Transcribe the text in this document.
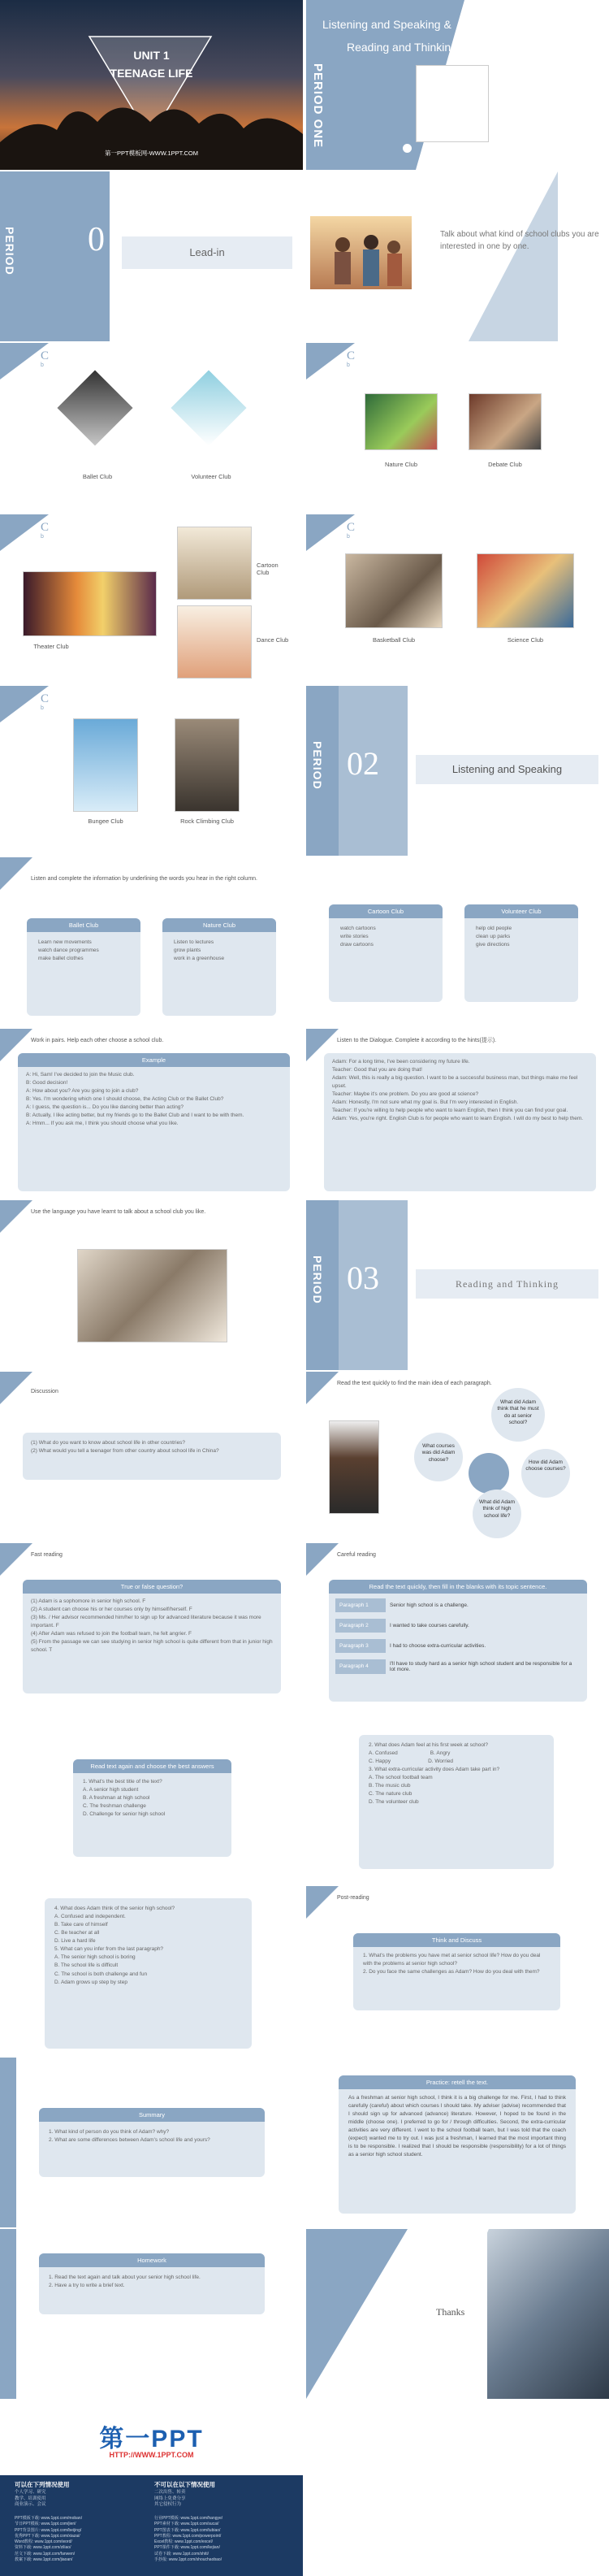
UNIT 1
TEENAGE LIFE
第一PPT模板网-WWW.1PPT.COM
PERIOD ONE
Listening and Speaking &
Reading and Thinking—Reading
PERIOD 0	Lead-in
Talk about what kind of school clubs you are interested in one by one.
C
b
Ballet Club	Volunteer Club
C
b
Nature Club	Debate Club
C
b
Theater Club
Cartoon Club
Dance Club
C
b
Basketball Club	Science Club
C
b
Bungee Club	Rock Climbing Club
PERIOD 02	Listening and Speaking
Listen and complete the information by underlining the words you hear in the right column.
Ballet Club
Learn new movements
watch dance programmes
make ballet clothes
Nature Club
Listen to lectures
grow plants
work in a greenhouse
Cartoon Club
watch cartoons
write stories
draw cartoons
Volunteer Club
help old people
clean up parks
give directions
Work in pairs. Help each other choose a school club.
Example
A: Hi, Sam! I've decided to join the Music club.
B: Good decision!
A: How about you? Are you going to join a club?
B: Yes. I'm wondering which one I should choose, the Acting Club or the Ballet Club?
A: I guess, the question is... Do you like dancing better than acting?
B: Actually, I like acting better, but my friends go to the Ballet Club and I want to be with them.
A: Hmm... If you ask me, I think you should choose what you like.
Listen to the Dialogue. Complete it according to the hints(提示).
Adam: For a long time, I've been considering my future life.
Teacher: Good that you are doing that!
Adam: Well, this is really a big question. I want to be a successful business man, but things make me feel upset.
Teacher: Maybe it's one problem. Do you are good at science?
Adam: Honestly, I'm not sure what my goal is. But I'm very interested in English.
Teacher: If you're willing to help people who want to learn English, then I think you can find your goal.
Adam: Yes, you're right. English Club is for people who want to learn English. I will do my best to help them.
Use the language you have learnt to talk about a school club you like.
PERIOD 03	Reading and Thinking
Discussion
(1) What do you want to know about school life in other countries?
(2) What would you tell a teenager from other country about school life in China?
Read the text quickly to find the main idea of each paragraph.
What did Adam think that he must do at senior school?
What courses was did Adam choose?	How did Adam choose courses?
What did Adam think of high school life?
Fast reading
True or false question?
(1) Adam is a sophomore in senior high school. F
(2) A student can choose his or her courses only by himself/herself. F
(3) Ms. / Her advisor recommended him/her to sign up for advanced literature because it was more important. F
(4) After Adam was refused to join the football team, he felt angrier. F
(5) From the passage we can see studying in senior high school is quite different from that in junior high school. T
Careful reading
Read the text quickly, then fill in the blanks with its topic sentence.
Paragraph 1	Senior high school is a challenge.
Paragraph 2	I wanted to take courses carefully.
Paragraph 3	I had to choose extra-curricular activities.
Paragraph 4	I'll have to study hard as a senior high school student and be responsible for a lot more.
Read text again and choose the best answers
1. What's the best title of the text?
A. A senior high student
B. A freshman at high school
C. The freshman challenge
D. Challenge for senior high school
2. What does Adam feel at his first week at school?
A. Confused	B. Angry
C. Happy	D. Worried
3. What extra-curricular activity does Adam take part in?
A. The school football team
B. The music club
C. The nature club
D. The volunteer club
4. What does Adam think of the senior high school?
A. Confused and independent.
B. Take care of himself
C. Be teacher at all
D. Live a hard life
5. What can you infer from the last paragraph?
A. The senior high school is boring
B. The school life is difficult
C. The school is both challenge and fun
D. Adam grows up step by step
Post-reading
Think and Discuss
1. What's the problems you have met at senior school life? How do you deal with the problems at senior high school?
2. Do you face the same challenges as Adam? How do you deal with them?
Summary
1. What kind of person do you think of Adam? why?
2. What are some differences between Adam's school life and yours?
Practice: retell the text.
As a freshman at senior high school, I think it is a big challenge for me. First, I had to think carefully (careful) about which courses I should take. My adviser (advise) recommended that I should sign up for advanced (advance) literature. However, I hoped to be found in the middle (choose one). I preferred to go for / through difficulties. Second, the extra-curricular activities are very different. I went to the school football team, but I was told that the coach (expect) wanted me to try out. I was just a freshman, I learned that the most important thing is to be responsible. I realized that I should be responsible (responsibility) for a lot of things as a senior high school student.
Homework
1. Read the text again and talk about your senior high school life.
2. Have a try to write a brief text.
Thanks
第一PPT
HTTP://WWW.1PPT.COM
可以在下列情况使用
个人学习、研究
教学、培训使用
商业演示、会议
不可以在以下情况使用
二次出售、转卖
网络上免费分享
其它侵权行为
PPT模板下载: www.1ppt.com/moban/
节日PPT模板: www.1ppt.com/jieri/
PPT背景图片: www.1ppt.com/beijing/
优秀PPT下载: www.1ppt.com/xiazai/
Word教程: www.1ppt.com/word/
资料下载: www.1ppt.com/ziliao/
范文下载: www.1ppt.com/fanwen/
教案下载: www.1ppt.com/jiaoan/
行业PPT模板: www.1ppt.com/hangye/
PPT素材下载: www.1ppt.com/sucai/
PPT图表下载: www.1ppt.com/tubiao/
PPT教程: www.1ppt.com/powerpoint/
Excel教程: www.1ppt.com/excel/
PPT课件下载: www.1ppt.com/kejian/
试卷下载: www.1ppt.com/shiti/
手抄报: www.1ppt.com/shouchaobao/
